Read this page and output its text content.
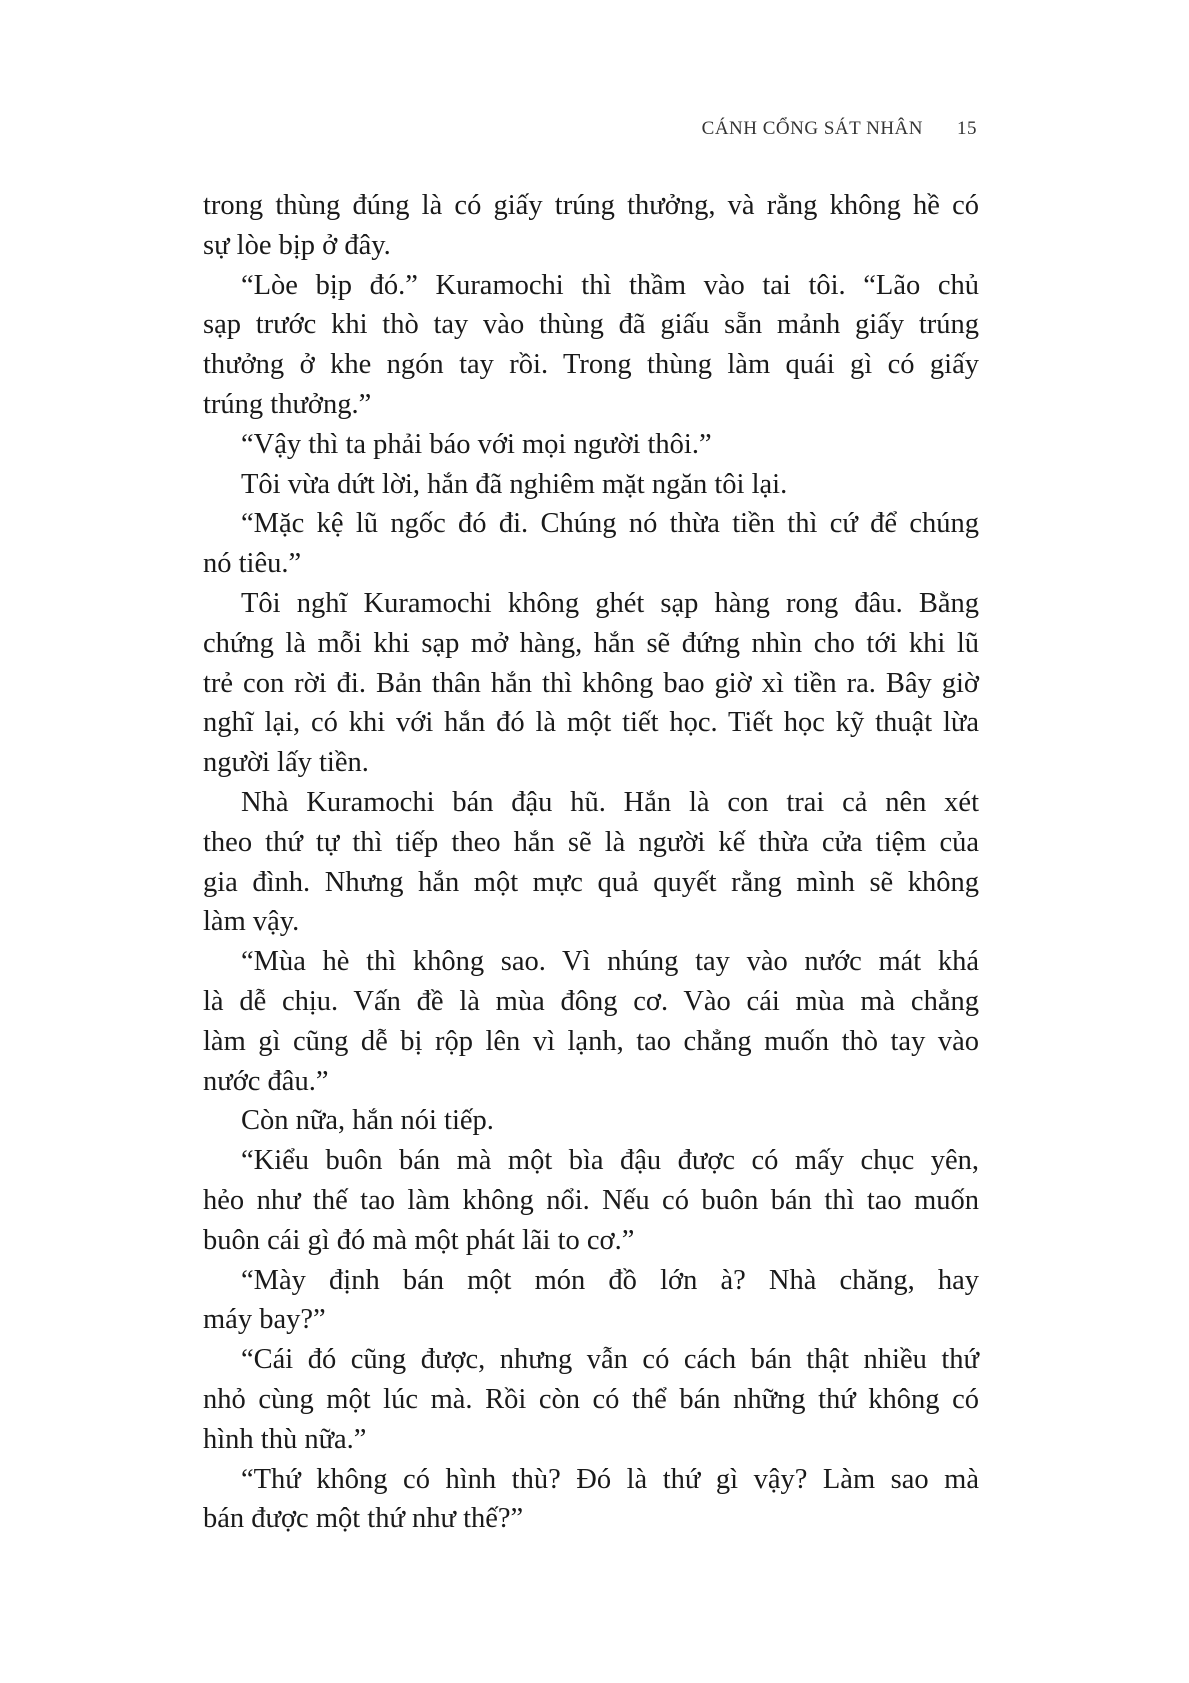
CÁNH CỔNG SÁT NHÂN 15
trong thùng đúng là có giấy trúng thưởng, và rằng không hề có
sự lòe bịp ở đây.
“Lòe bịp đó.” Kuramochi thì thầm vào tai tôi. “Lão chủ
sạp trước khi thò tay vào thùng đã giấu sẵn mảnh giấy trúng
thưởng ở khe ngón tay rồi. Trong thùng làm quái gì có giấy
trúng thưởng.”
“Vậy thì ta phải báo với mọi người thôi.”
Tôi vừa dứt lời, hắn đã nghiêm mặt ngăn tôi lại.
“Mặc kệ lũ ngốc đó đi. Chúng nó thừa tiền thì cứ để chúng
nó tiêu.”
Tôi nghĩ Kuramochi không ghét sạp hàng rong đâu. Bằng
chứng là mỗi khi sạp mở hàng, hắn sẽ đứng nhìn cho tới khi lũ
trẻ con rời đi. Bản thân hắn thì không bao giờ xì tiền ra. Bây giờ
nghĩ lại, có khi với hắn đó là một tiết học. Tiết học kỹ thuật lừa
người lấy tiền.
Nhà Kuramochi bán đậu hũ. Hắn là con trai cả nên xét
theo thứ tự thì tiếp theo hắn sẽ là người kế thừa cửa tiệm của
gia đình. Nhưng hắn một mực quả quyết rằng mình sẽ không
làm vậy.
“Mùa hè thì không sao. Vì nhúng tay vào nước mát khá
là dễ chịu. Vấn đề là mùa đông cơ. Vào cái mùa mà chẳng
làm gì cũng dễ bị rộp lên vì lạnh, tao chẳng muốn thò tay vào
nước đâu.”
Còn nữa, hắn nói tiếp.
“Kiểu buôn bán mà một bìa đậu được có mấy chục yên,
hẻo như thế tao làm không nổi. Nếu có buôn bán thì tao muốn
buôn cái gì đó mà một phát lãi to cơ.”
“Mày định bán một món đồ lớn à? Nhà chăng, hay
máy bay?”
“Cái đó cũng được, nhưng vẫn có cách bán thật nhiều thứ
nhỏ cùng một lúc mà. Rồi còn có thể bán những thứ không có
hình thù nữa.”
“Thứ không có hình thù? Đó là thứ gì vậy? Làm sao mà
bán được một thứ như thế?”
